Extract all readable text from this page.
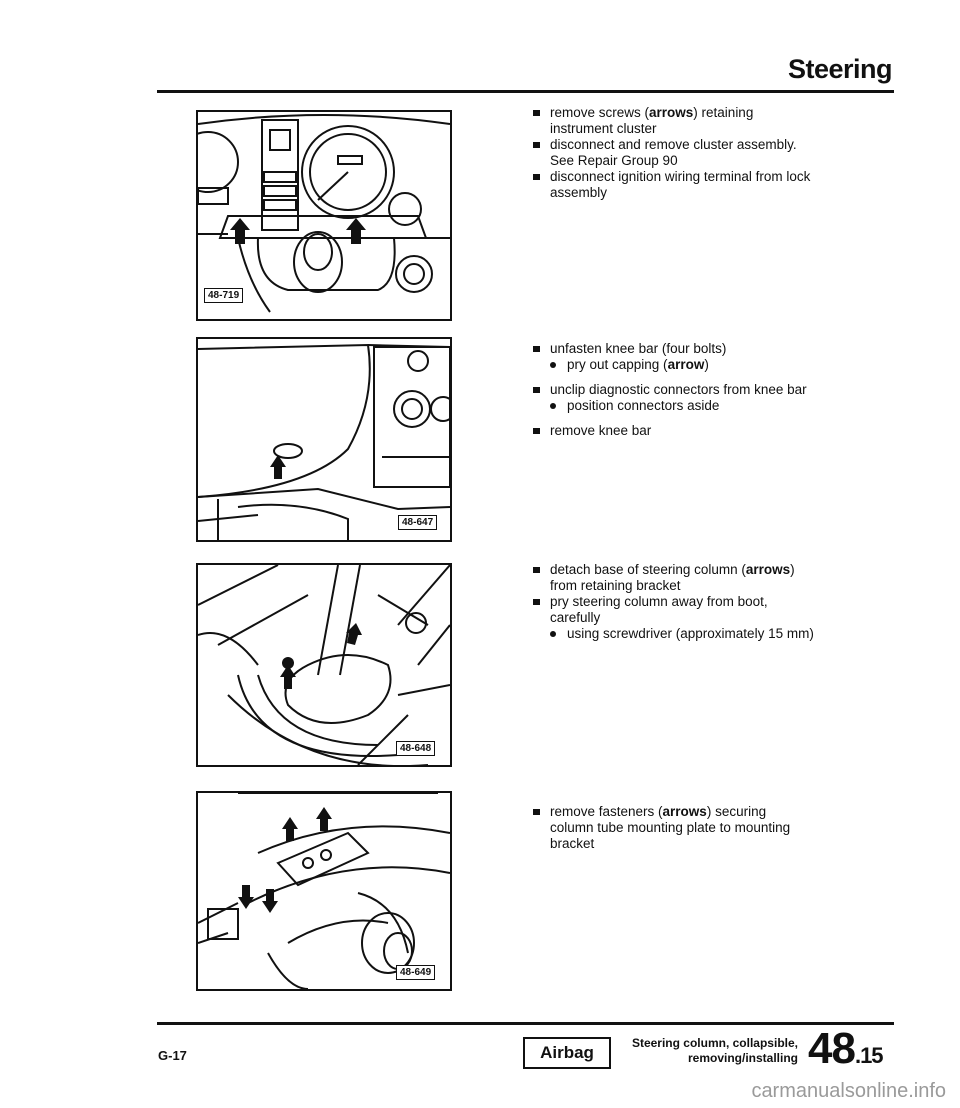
Steering
48-719
48-647
48-648
48-649
remove screws (arrows) retaining
instrument cluster
disconnect and remove cluster assembly.
See Repair Group 90
disconnect ignition wiring terminal from lock
assembly
unfasten knee bar (four bolts)
pry out capping (arrow)
unclip diagnostic connectors from knee bar
position connectors aside
remove knee bar
detach base of steering column (arrows)
from retaining bracket
pry steering column away from boot,
carefully
using screwdriver (approximately 15 mm)
remove fasteners (arrows) securing
column tube mounting plate to mounting
bracket
G-17	Airbag	Steering column, collapsible,
removing/installing 48.15
carmanualsonline.info
